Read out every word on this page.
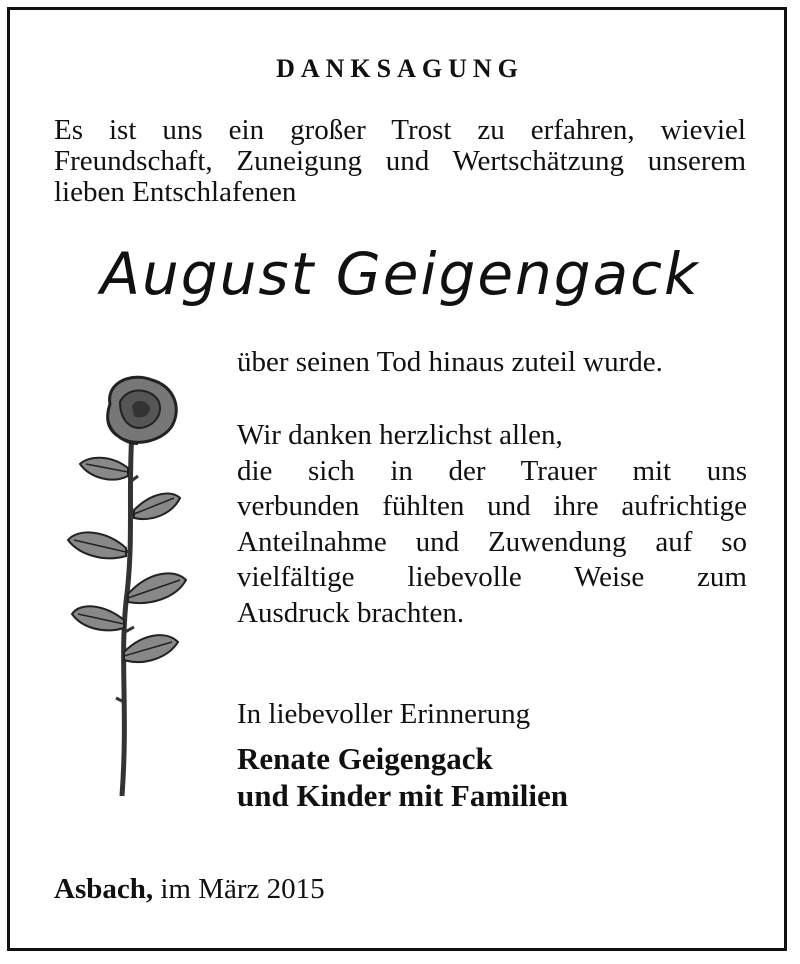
DANKSAGUNG
Es ist uns ein großer Trost zu erfahren, wieviel
Freundschaft, Zuneigung und Wertschätzung unserem
lieben Entschlafenen
August Geigengack
über seinen Tod hinaus zuteil wurde.
Wir danken herzlichst allen,
die sich in der Trauer mit uns
verbunden fühlten und ihre aufrichtige
Anteilnahme und Zuwendung auf so
vielfältige liebevolle Weise zum
Ausdruck brachten.
In liebevoller Erinnerung
Renate Geigengack
und Kinder mit Familien
Asbach, im März 2015
